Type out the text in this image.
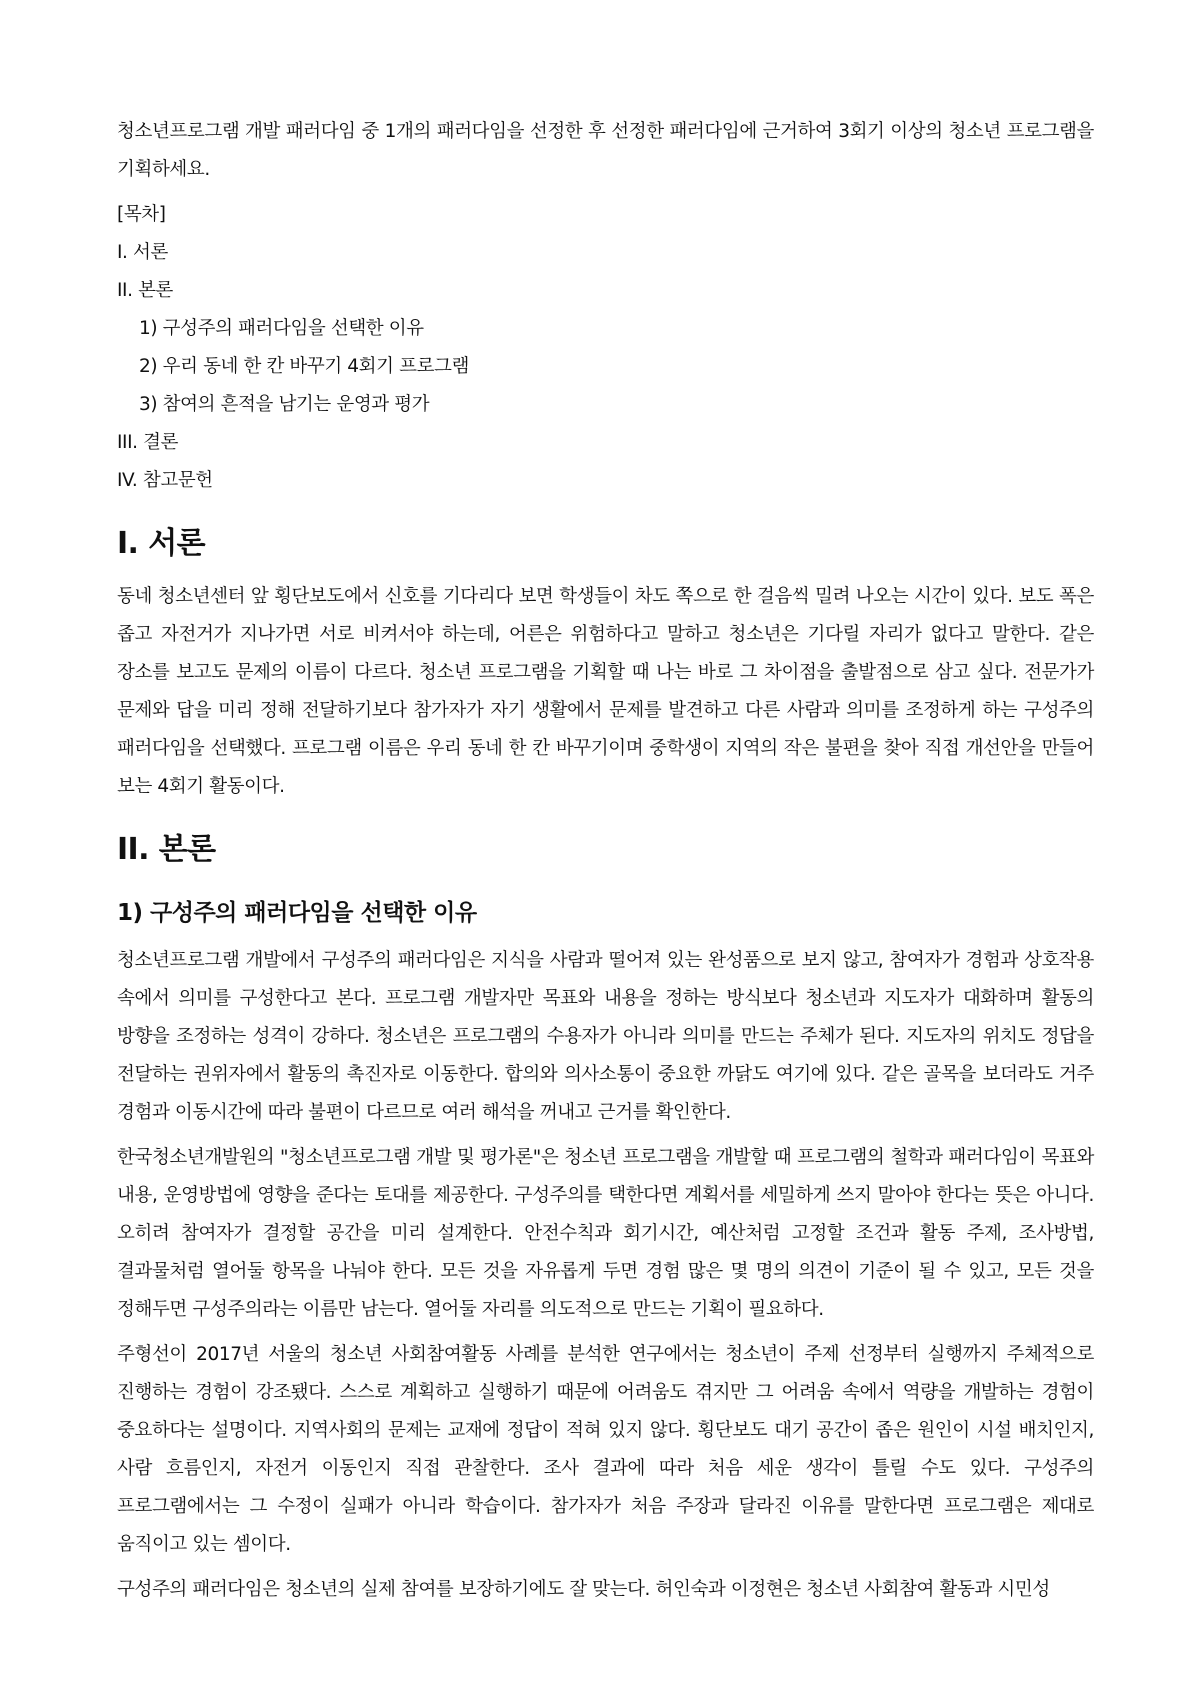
청소년프로그램 개발 패러다임 중 1개의 패러다임을 선정한 후 선정한 패러다임에 근거하여 3회기 이상의 청소년 프로그램을 기획하세요.

[목차]
I. 서론
II. 본론
1) 구성주의 패러다임을 선택한 이유
2) 우리 동네 한 칸 바꾸기 4회기 프로그램
3) 참여의 흔적을 남기는 운영과 평가
III. 결론
IV. 참고문헌
I. 서론

동네 청소년센터 앞 횡단보도에서 신호를 기다리다 보면 학생들이 차도 쪽으로 한 걸음씩 밀려 나오는 시간이 있다. 보도 폭은 좁고 자전거가 지나가면 서로 비켜서야 하는데, 어른은 위험하다고 말하고 청소년은 기다릴 자리가 없다고 말한다. 같은 장소를 보고도 문제의 이름이 다르다. 청소년 프로그램을 기획할 때 나는 바로 그 차이점을 출발점으로 삼고 싶다. 전문가가 문제와 답을 미리 정해 전달하기보다 참가자가 자기 생활에서 문제를 발견하고 다른 사람과 의미를 조정하게 하는 구성주의 패러다임을 선택했다. 프로그램 이름은 우리 동네 한 칸 바꾸기이며 중학생이 지역의 작은 불편을 찾아 직접 개선안을 만들어 보는 4회기 활동이다.

II. 본론
1) 구성주의 패러다임을 선택한 이유

청소년프로그램 개발에서 구성주의 패러다임은 지식을 사람과 떨어져 있는 완성품으로 보지 않고, 참여자가 경험과 상호작용 속에서 의미를 구성한다고 본다. 프로그램 개발자만 목표와 내용을 정하는 방식보다 청소년과 지도자가 대화하며 활동의 방향을 조정하는 성격이 강하다. 청소년은 프로그램의 수용자가 아니라 의미를 만드는 주체가 된다. 지도자의 위치도 정답을 전달하는 권위자에서 활동의 촉진자로 이동한다. 합의와 의사소통이 중요한 까닭도 여기에 있다. 같은 골목을 보더라도 거주 경험과 이동시간에 따라 불편이 다르므로 여러 해석을 꺼내고 근거를 확인한다.

한국청소년개발원의 "청소년프로그램 개발 및 평가론"은 청소년 프로그램을 개발할 때 프로그램의 철학과 패러다임이 목표와 내용, 운영방법에 영향을 준다는 토대를 제공한다. 구성주의를 택한다면 계획서를 세밀하게 쓰지 말아야 한다는 뜻은 아니다. 오히려 참여자가 결정할 공간을 미리 설계한다. 안전수칙과 회기시간, 예산처럼 고정할 조건과 활동 주제, 조사방법, 결과물처럼 열어둘 항목을 나눠야 한다. 모든 것을 자유롭게 두면 경험 많은 몇 명의 의견이 기준이 될 수 있고, 모든 것을 정해두면 구성주의라는 이름만 남는다. 열어둘 자리를 의도적으로 만드는 기획이 필요하다.

주형선이 2017년 서울의 청소년 사회참여활동 사례를 분석한 연구에서는 청소년이 주제 선정부터 실행까지 주체적으로 진행하는 경험이 강조됐다. 스스로 계획하고 실행하기 때문에 어려움도 겪지만 그 어려움 속에서 역량을 개발하는 경험이 중요하다는 설명이다. 지역사회의 문제는 교재에 정답이 적혀 있지 않다. 횡단보도 대기 공간이 좁은 원인이 시설 배치인지, 사람 흐름인지, 자전거 이동인지 직접 관찰한다. 조사 결과에 따라 처음 세운 생각이 틀릴 수도 있다. 구성주의 프로그램에서는 그 수정이 실패가 아니라 학습이다. 참가자가 처음 주장과 달라진 이유를 말한다면 프로그램은 제대로 움직이고 있는 셈이다.

구성주의 패러다임은 청소년의 실제 참여를 보장하기에도 잘 맞는다. 허인숙과 이정현은 청소년 사회참여 활동과 시민성
